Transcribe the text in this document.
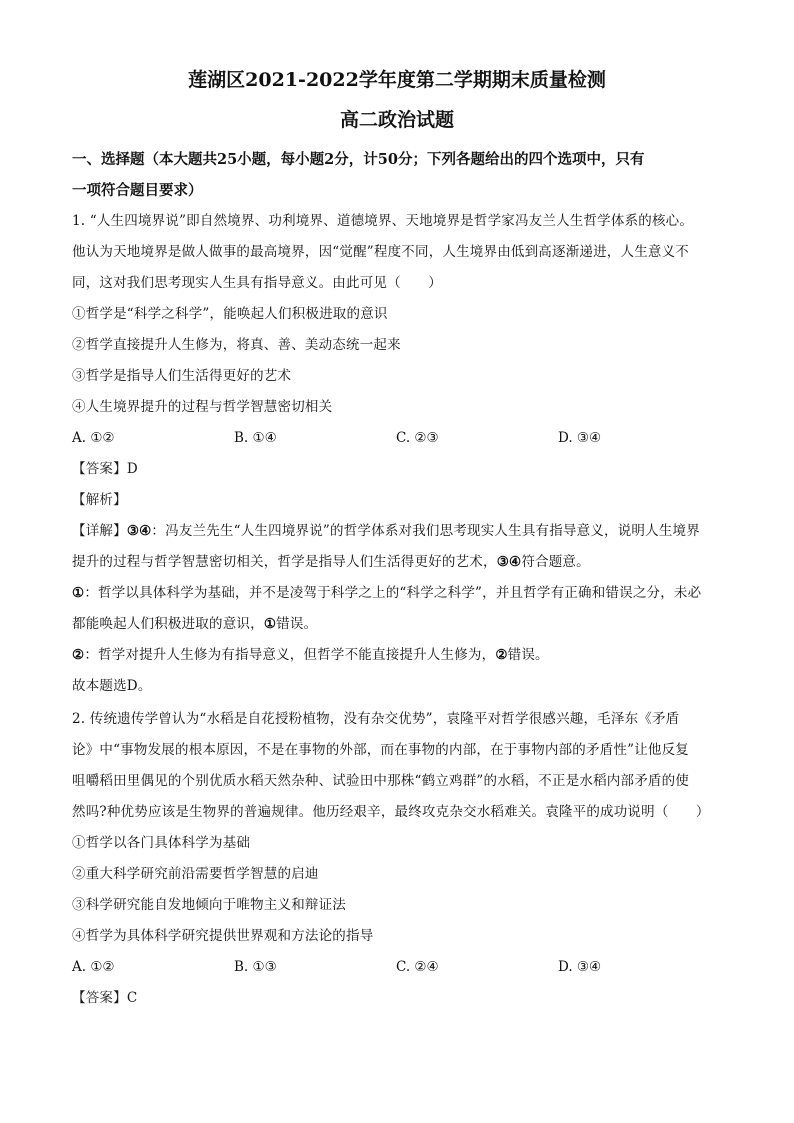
莲湖区2021-2022学年度第二学期期末质量检测
高二政治试题
一、选择题（本大题共25小题，每小题2分，计50分；下列各题给出的四个选项中，只有
一项符合题目要求）

1. “人生四境界说”即自然境界、功利境界、道德境界、天地境界是哲学家冯友兰人生哲学体系的核心。

他认为天地境界是做人做事的最高境界，因“觉醒”程度不同，人生境界由低到高逐渐递进，人生意义不

同，这对我们思考现实人生具有指导意义。由此可见（　　）

①哲学是“科学之科学”，能唤起人们积极进取的意识

②哲学直接提升人生修为，将真、善、美动态统一起来

③哲学是指导人们生活得更好的艺术

④人生境界提升的过程与哲学智慧密切相关

A. ①②	B. ①④	C. ②③	D. ③④

【答案】D

【解析】

【详解】③④：冯友兰先生“人生四境界说”的哲学体系对我们思考现实人生具有指导意义，说明人生境界

提升的过程与哲学智慧密切相关，哲学是指导人们生活得更好的艺术，③④符合题意。

①：哲学以具体科学为基础，并不是凌驾于科学之上的“科学之科学”，并且哲学有正确和错误之分，未必

都能唤起人们积极进取的意识，①错误。

②：哲学对提升人生修为有指导意义，但哲学不能直接提升人生修为，②错误。

故本题选D。

2. 传统遗传学曾认为“水稻是自花授粉植物，没有杂交优势”，袁隆平对哲学很感兴趣，毛泽东《矛盾

论》中“事物发展的根本原因，不是在事物的外部，而在事物的内部，在于事物内部的矛盾性”让他反复

咀嚼稻田里偶见的个别优质水稻天然杂种、试验田中那株“鹤立鸡群”的水稻，不正是水稻内部矛盾的使

然吗?种优势应该是生物界的普遍规律。他历经艰辛，最终攻克杂交水稻难关。袁隆平的成功说明（　　）

①哲学以各门具体科学为基础

②重大科学研究前沿需要哲学智慧的启迪

③科学研究能自发地倾向于唯物主义和辩证法

④哲学为具体科学研究提供世界观和方法论的指导

A. ①②	B. ①③	C. ②④	D. ③④

【答案】C
